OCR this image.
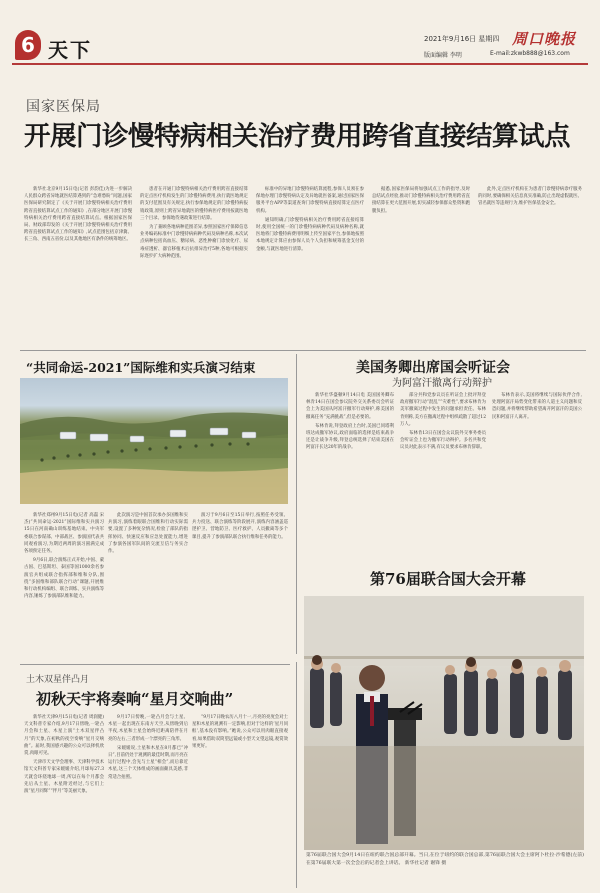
6 天下	2021年9月16日 星期四
版面编辑 李明
周口晚报
E-mail:zkwb888@163.com
国家医保局
开展门诊慢特病相关治疗费用跨省直接结算试点

新华社北京9月15日电(记者 彭韵佳)为进一步解决人民群众跨省异地就医结算遇到的“急难愁盼”问题,国家医保局研究制定了《关于开展门诊慢特病相关治疗费用跨省直接结算试点工作的通知》,在部分地区开展门诊慢特病相关治疗费用跨省直接结算试点。根据国家医保局、财政部印发的《关于开展门诊慢特病相关治疗费用跨省直接结算试点工作的通知》,试点范围包括京津冀、长三角、西南五省份,以及其他地区有条件的统筹地区。

患者在开通门诊慢特病相关治疗费用跨省直接结算的定点医疗机构发生的门诊慢特病费用,执行就医地规定的支付范围及有关规定,执行参保地规定的门诊慢特病报销政策,原则上跨省异地就医的慢特病医疗费用按就医地三个目录、参保地待遇政策进行结算。

为了兼顾各地病种范围差异,参照国家医疗保障信息业务编码标准中门诊慢特病病种代码及病种名称,本次试点病种包括高血压、糖尿病、恶性肿瘤门诊放化疗、尿毒症透析、器官移植术后抗排异治疗5种,各地可根据实际逐步扩大病种范围。

标准中的异地门诊慢特病结算流程,参保人员须在参保地办理门诊慢特病认定及异地就医备案,通过国家医保服务平台APP等渠道查询门诊慢特病直接结算定点医疗机构。

通知明确,门诊慢特病相关治疗费用跨省直接结算时,使用全国统一的门诊慢特病病种代码及病种名称,就医地将门诊慢特病费用明细上传至国家平台,参保地按照本地规定计算应由参保人员个人负担和统筹基金支付的金额,与就医地进行清算。

据悉,国家医保局将加强试点工作的指导,及时总结试点经验,推动门诊慢特病相关治疗费用跨省直接结算在更大范围开展,切实减轻参保群众垫资和跑腿负担。

此外,定点医疗机构在为患者门诊慢特病诊疗服务的同时,要确保相关信息真实准确,防止出现虚假就医、冒名就医等违规行为,维护医保基金安全。

“共同命运-2021”国际维和实兵演习结束

新华社郑州9月15日电(记者 高磊 宋 杰)“共同命运-2021”国际维和实兵演习15日在河南确山训练基地结束。中央军委联合参谋部、中部战区、参演国代表共同观看演习,为期近两周的演习圆满完成各项预定任务。

9月6日,联合演练正式开始,中国、蒙古国、巴基斯坦、泰国等国1000余名参演官兵组成联合指挥部和维和分队,围绕“多国维和部队联合行动”课题,开展维和行动机构编组、联合训练、实兵演练等内容,锤炼了参演部队维和能力。

此次演习是中国首次承办多国维和实兵演习,演练着眼联合国维和行动实际需要,设置了多种复杂情况,检验了部队的指挥协同、快速反应和应急处置能力,增进了参演各国军队间的交流互信与务实合作。

演习于9月6日至15日举行,按照任务受领、兵力投送、联合演练等阶段展开,演练内容涵盖巡逻护卫、营地防卫、医疗救护、人员撤离等多个课目,提升了参演部队联合执行维和任务的能力。

美国务卿出席国会听证会
为阿富汗撤离行动辩护

新华社华盛顿9月14日电 美国国务卿布林肯14日在国会参议院外交关系委员会听证会上为美国从阿富汗撤军行动辩护,称美国的撤离任务“充满挑战”,但是必要的。

布林肯说,拜登政府上台时,美国已同塔利班达成撤军协议,政府面临的选择是结束战争还是让战争升级,拜登总统选择了结束美国在阿富汗长达20年的战争。

部分共和党参议员在听证会上批评拜登政府撤军行动“混乱”“灾难性”,要求布林肯为美军撤离过程中发生的问题承担责任。布林肯则称,美方在撤离过程中组织疏散了超过12万人。

布林肯13日在国会众议院外交事务委员会听证会上也为撤军行动辩护。多名共和党议员对此表示不满,有议员要求布林肯辞职。

布林肯表示,美国将继续与国际伙伴合作,处理阿富汗局势变化带来的人道主义问题和反恐问题,并将继续帮助希望离开阿富汗的美国公民和阿富汗人离开。

第76届联合国大会开幕
第76届联合国大会9月14日在纽约联合国总部开幕。当日,在位于纽约的联合国总部,第76届联合国大会主席阿卜杜拉·沙希德(左前)在第76届联大第一次全会后的记者会上讲话。 新华社记者 谢锋 摄
土木双星伴凸月
初秋天宇将奏响“星月交响曲”

新华社天津9月15日电(记者 周润健)天文科普专家介绍,9月17日傍晚,一轮凸月会和土星、木星上演“土木双星伴凸月”的天象,在初秋的夜空奏响“星月交响曲”。届时,我国感兴趣的公众可以择机欣赏,肉眼可见。

天津市天文学会理事、天津科学技术馆天文科普专家宋媛媛介绍,月球每27.3天就会环绕地球一周,所以在每个月都会先后从土星、木星附近经过,与它们上演“星月同辉”“伴月”等美丽天象。

9月17日傍晚,一轮凸月会与土星、木星一起出现在东南方天空,从傍晚到后半夜,木星和土星会始终近距离陪伴在月亮的左右,三者形成一个漂亮的三角形。

宋媛媛说,土星和木星在8月都已“冲日”,目前仍处于观测的最佳时期,而月亮在运行过程中,会先与土星“相会”,而后靠近木星,这三个天体组成的画面颇具美感,非常适合拍照。

“9月17日晚农历八月十一,月亮的亮度会对土星和木星的观测有一定影响,但对于这样的‘星月同框’,基本没有影响。”她说,公众可以用肉眼直接观看,如果借助双筒望远镜或小型天文望远镜,观赏效果更好。
